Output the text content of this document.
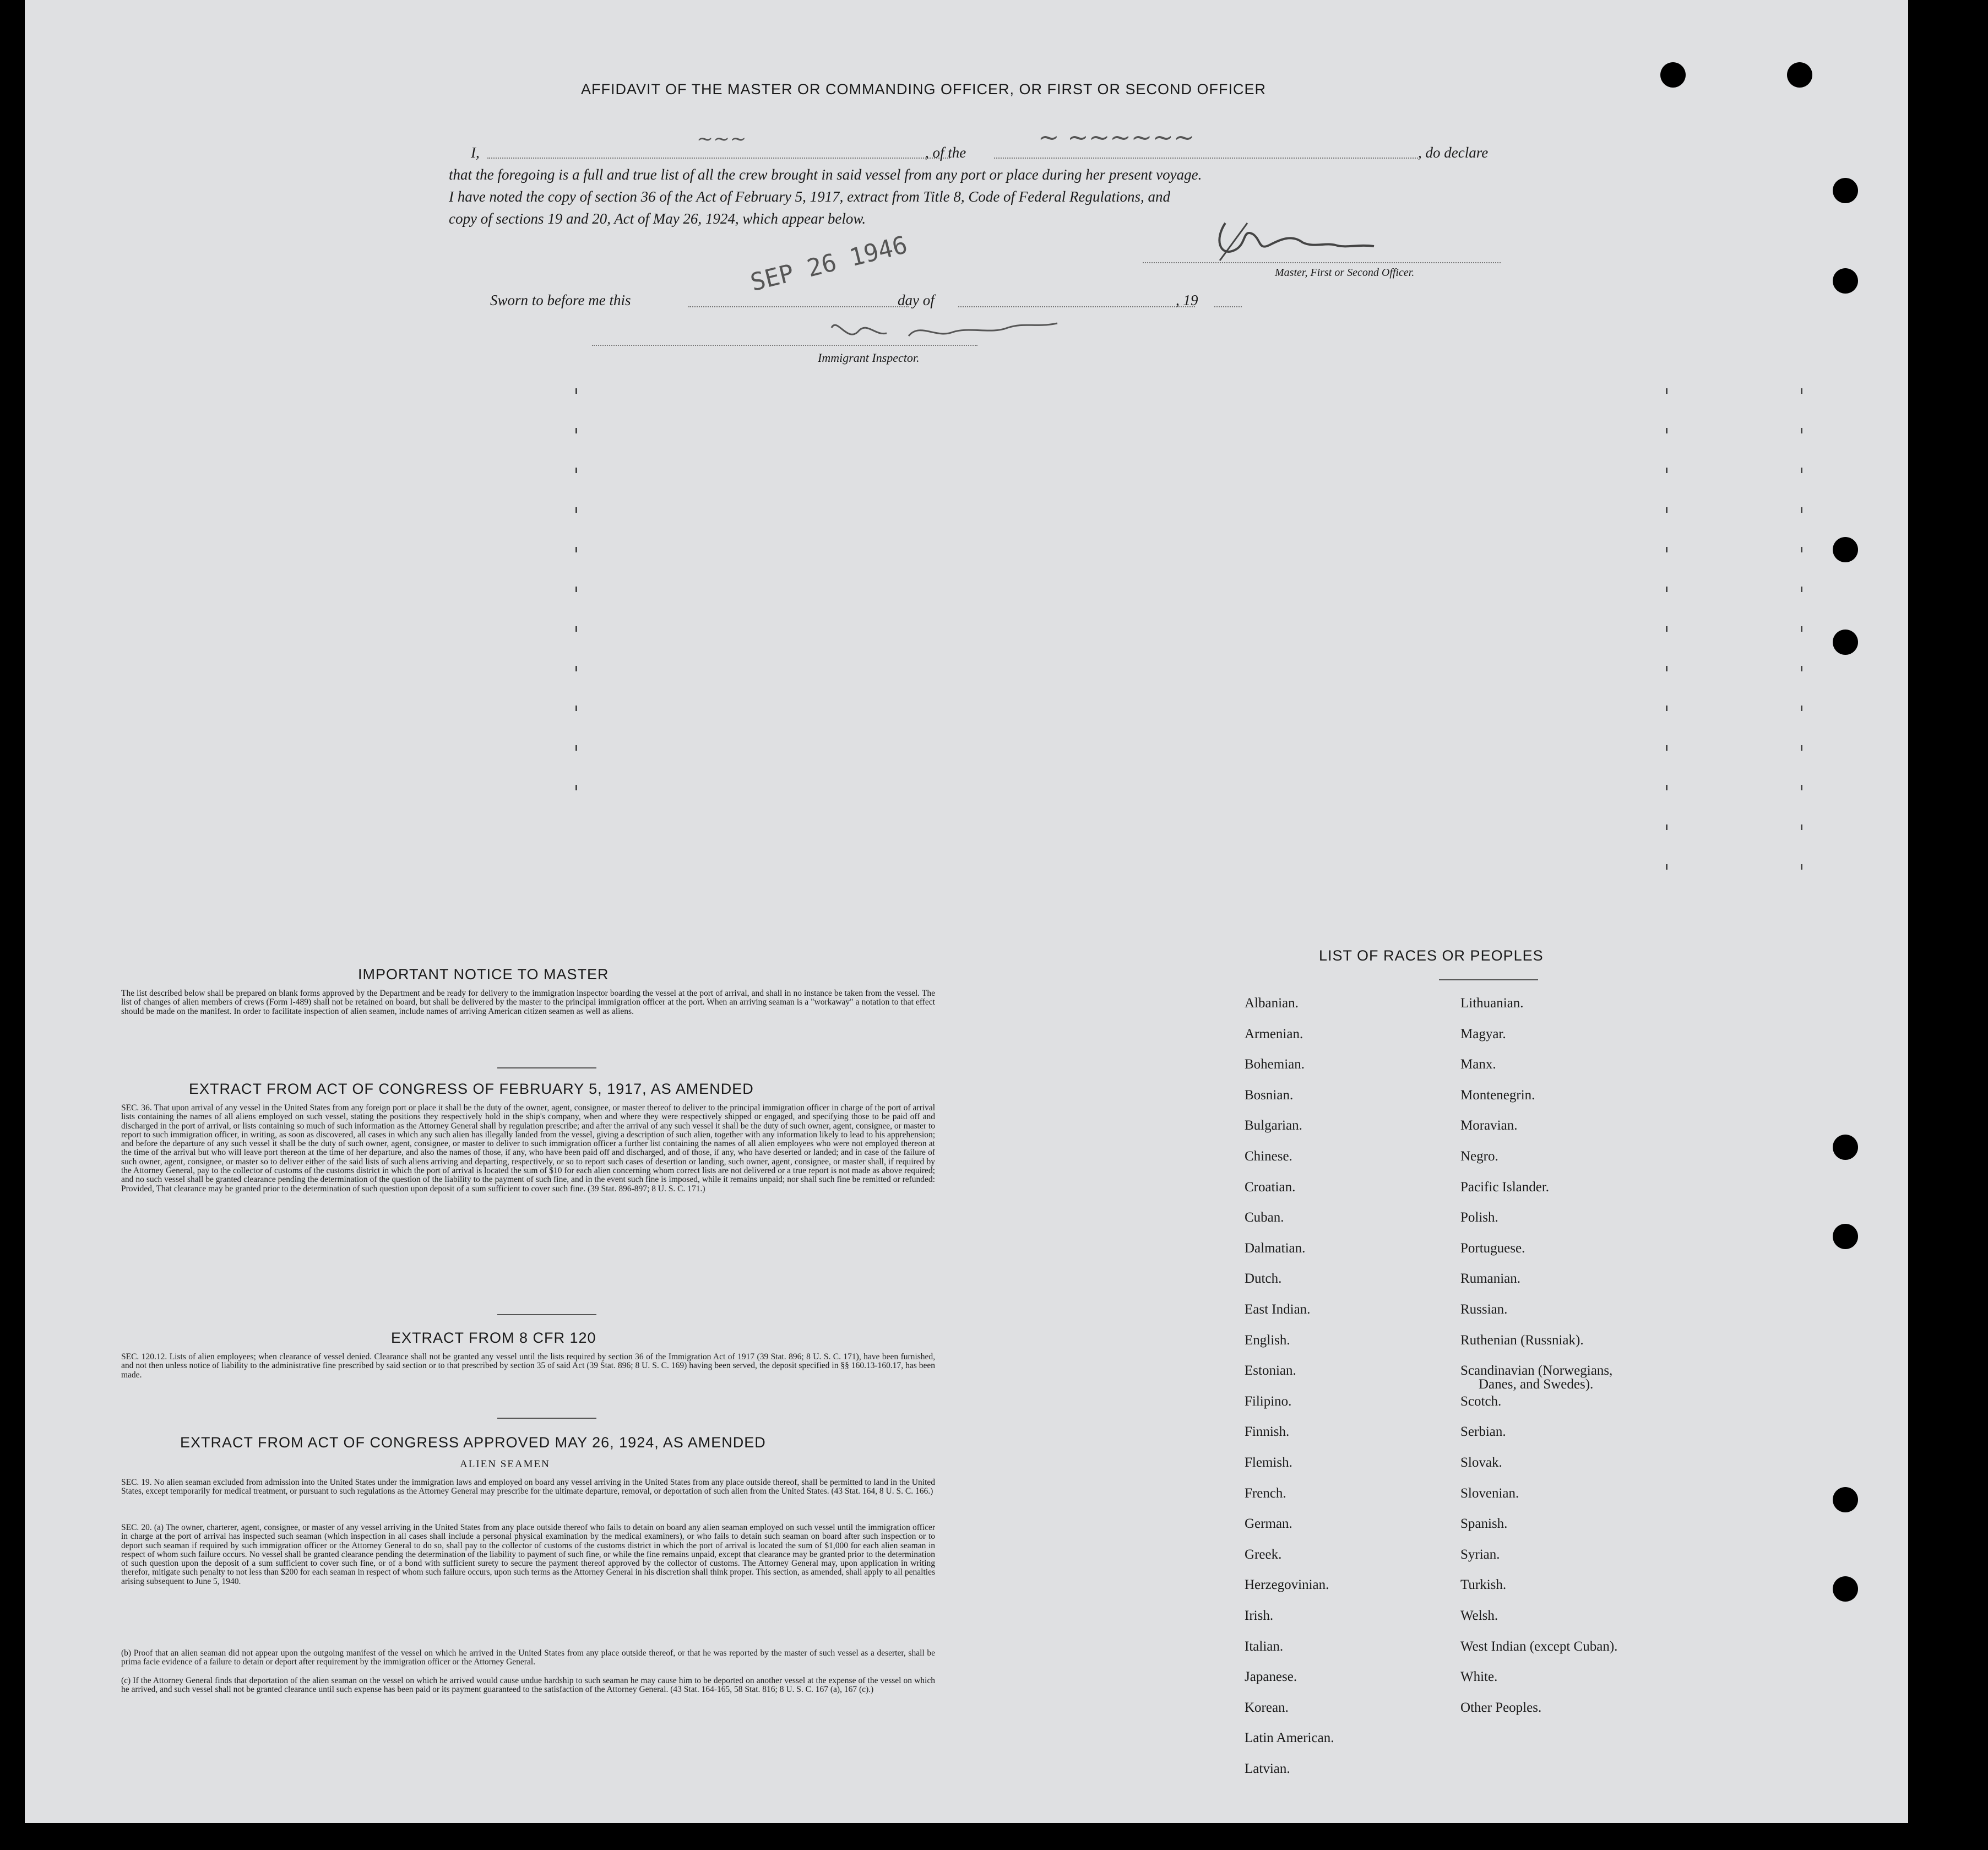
AFFIDAVIT OF THE MASTER OR COMMANDING OFFICER, OR FIRST OR SECOND OFFICER
I,
~~~
, of the
~ ~~~~~~
, do declare
that the foregoing is a full and true list of all the crew brought in said vessel from any port or place during her present voyage.
I have noted the copy of section 36 of the Act of February 5, 1917, extract from Title 8, Code of Federal Regulations, and
copy of sections 19 and 20, Act of May 26, 1924, which appear below.
Master, First or Second Officer.
Sworn to before me this
SEP 26 1946
day of	, 19
Immigrant Inspector.
IMPORTANT NOTICE TO MASTER
The list described below shall be prepared on blank forms approved by the Department and be ready for delivery to the immigration inspector boarding the vessel at the port of arrival, and shall in no instance be taken from the vessel. The list of changes of alien members of crews (Form I-489) shall not be retained on board, but shall be delivered by the master to the principal immigration officer at the port. When an arriving seaman is a "workaway" a notation to that effect should be made on the manifest. In order to facilitate inspection of alien seamen, include names of arriving American citizen seamen as well as aliens.
EXTRACT FROM ACT OF CONGRESS OF FEBRUARY 5, 1917, AS AMENDED
SEC. 36. That upon arrival of any vessel in the United States from any foreign port or place it shall be the duty of the owner, agent, consignee, or master thereof to deliver to the principal immigration officer in charge of the port of arrival lists containing the names of all aliens employed on such vessel, stating the positions they respectively hold in the ship's company, when and where they were respectively shipped or engaged, and specifying those to be paid off and discharged in the port of arrival, or lists containing so much of such information as the Attorney General shall by regulation prescribe; and after the arrival of any such vessel it shall be the duty of such owner, agent, consignee, or master to report to such immigration officer, in writing, as soon as discovered, all cases in which any such alien has illegally landed from the vessel, giving a description of such alien, together with any information likely to lead to his apprehension; and before the departure of any such vessel it shall be the duty of such owner, agent, consignee, or master to deliver to such immigration officer a further list containing the names of all alien employees who were not employed thereon at the time of the arrival but who will leave port thereon at the time of her departure, and also the names of those, if any, who have been paid off and discharged, and of those, if any, who have deserted or landed; and in case of the failure of such owner, agent, consignee, or master so to deliver either of the said lists of such aliens arriving and departing, respectively, or so to report such cases of desertion or landing, such owner, agent, consignee, or master shall, if required by the Attorney General, pay to the collector of customs of the customs district in which the port of arrival is located the sum of $10 for each alien concerning whom correct lists are not delivered or a true report is not made as above required; and no such vessel shall be granted clearance pending the determination of the question of the liability to the payment of such fine, and in the event such fine is imposed, while it remains unpaid; nor shall such fine be remitted or refunded: Provided, That clearance may be granted prior to the determination of such question upon deposit of a sum sufficient to cover such fine. (39 Stat. 896-897; 8 U. S. C. 171.)
EXTRACT FROM 8 CFR 120
SEC. 120.12. Lists of alien employees; when clearance of vessel denied. Clearance shall not be granted any vessel until the lists required by section 36 of the Immigration Act of 1917 (39 Stat. 896; 8 U. S. C. 171), have been furnished, and not then unless notice of liability to the administrative fine prescribed by said section or to that prescribed by section 35 of said Act (39 Stat. 896; 8 U. S. C. 169) having been served, the deposit specified in §§ 160.13-160.17, has been made.
EXTRACT FROM ACT OF CONGRESS APPROVED MAY 26, 1924, AS AMENDED
ALIEN SEAMEN
SEC. 19. No alien seaman excluded from admission into the United States under the immigration laws and employed on board any vessel arriving in the United States from any place outside thereof, shall be permitted to land in the United States, except temporarily for medical treatment, or pursuant to such regulations as the Attorney General may prescribe for the ultimate departure, removal, or deportation of such alien from the United States. (43 Stat. 164, 8 U. S. C. 166.)
SEC. 20. (a) The owner, charterer, agent, consignee, or master of any vessel arriving in the United States from any place outside thereof who fails to detain on board any alien seaman employed on such vessel until the immigration officer in charge at the port of arrival has inspected such seaman (which inspection in all cases shall include a personal physical examination by the medical examiners), or who fails to detain such seaman on board after such inspection or to deport such seaman if required by such immigration officer or the Attorney General to do so, shall pay to the collector of customs of the customs district in which the port of arrival is located the sum of $1,000 for each alien seaman in respect of whom such failure occurs. No vessel shall be granted clearance pending the determination of the liability to payment of such fine, or while the fine remains unpaid, except that clearance may be granted prior to the determination of such question upon the deposit of a sum sufficient to cover such fine, or of a bond with sufficient surety to secure the payment thereof approved by the collector of customs. The Attorney General may, upon application in writing therefor, mitigate such penalty to not less than $200 for each seaman in respect of whom such failure occurs, upon such terms as the Attorney General in his discretion shall think proper. This section, as amended, shall apply to all penalties arising subsequent to June 5, 1940.
(b) Proof that an alien seaman did not appear upon the outgoing manifest of the vessel on which he arrived in the United States from any place outside thereof, or that he was reported by the master of such vessel as a deserter, shall be prima facie evidence of a failure to detain or deport after requirement by the immigration officer or the Attorney General.
(c) If the Attorney General finds that deportation of the alien seaman on the vessel on which he arrived would cause undue hardship to such seaman he may cause him to be deported on another vessel at the expense of the vessel on which he arrived, and such vessel shall not be granted clearance until such expense has been paid or its payment guaranteed to the satisfaction of the Attorney General. (43 Stat. 164-165, 58 Stat. 816; 8 U. S. C. 167 (a), 167 (c).)
LIST OF RACES OR PEOPLES
Albanian.
Armenian.
Bohemian.
Bosnian.
Bulgarian.
Chinese.
Croatian.
Cuban.
Dalmatian.
Dutch.
East Indian.
English.
Estonian.
Filipino.
Finnish.
Flemish.
French.
German.
Greek.
Herzegovinian.
Irish.
Italian.
Japanese.
Korean.
Latin American.
Latvian.
Lithuanian.
Magyar.
Manx.
Montenegrin.
Moravian.
Negro.
Pacific Islander.
Polish.
Portuguese.
Rumanian.
Russian.
Ruthenian (Russniak).
Scandinavian (Norwegians,
Danes, and Swedes).
Scotch.
Serbian.
Slovak.
Slovenian.
Spanish.
Syrian.
Turkish.
Welsh.
West Indian (except Cuban).
White.
Other Peoples.
